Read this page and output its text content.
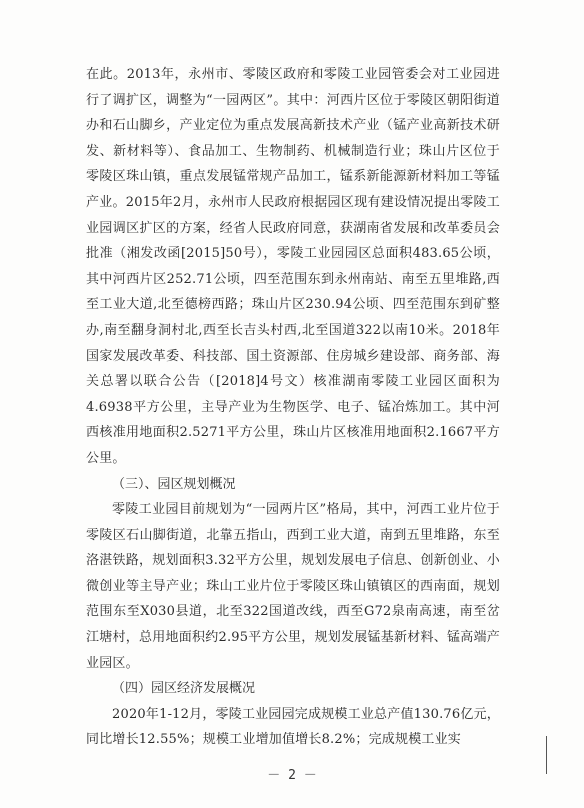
在此。2013年，永州市、零陵区政府和零陵工业园管委会对工业园进行了调扩区，调整为“一园两区”。其中：河西片区位于零陵区朝阳街道办和石山脚乡，产业定位为重点发展高新技术产业（锰产业高新技术研发、新材料等）、食品加工、生物制药、机械制造行业；珠山片区位于零陵区珠山镇，重点发展锰常规产品加工，锰系新能源新材料加工等锰产业。2015年2月，永州市人民政府根据园区现有建设情况提出零陵工业园调区扩区的方案，经省人民政府同意，获湖南省发展和改革委员会批准（湘发改函[2015]50号），零陵工业园园区总面积483.65公顷，其中河西片区252.71公顷，四至范围东到永州南站、南至五里堆路,西至工业大道,北至德榜西路；珠山片区230.94公顷、四至范围东到矿整办,南至翻身洞村北,西至长吉头村西,北至国道322以南10米。2018年国家发展改革委、科技部、国土资源部、住房城乡建设部、商务部、海关总署以联合公告（[2018]4号文）核准湖南零陵工业园区面积为4.6938平方公里，主导产业为生物医学、电子、锰冶炼加工。其中河西核准用地面积2.5271平方公里，珠山片区核准用地面积2.1667平方公里。

（三）、园区规划概况

零陵工业园目前规划为“一园两片区”格局，其中，河西工业片位于零陵区石山脚街道，北靠五指山，西到工业大道，南到五里堆路，东至洛湛铁路，规划面积3.32平方公里，规划发展电子信息、创新创业、小微创业等主导产业；珠山工业片位于零陵区珠山镇镇区的西南面，规划范围东至X030县道，北至322国道改线，西至G72泉南高速，南至岔江塘村，总用地面积约2.95平方公里，规划发展锰基新材料、锰高端产业园区。

（四）园区经济发展概况

2020年1-12月，零陵工业园园完成规模工业总产值130.76亿元，同比增长12.55%；规模工业增加值增长8.2%；完成规模工业实

－ 2 －
